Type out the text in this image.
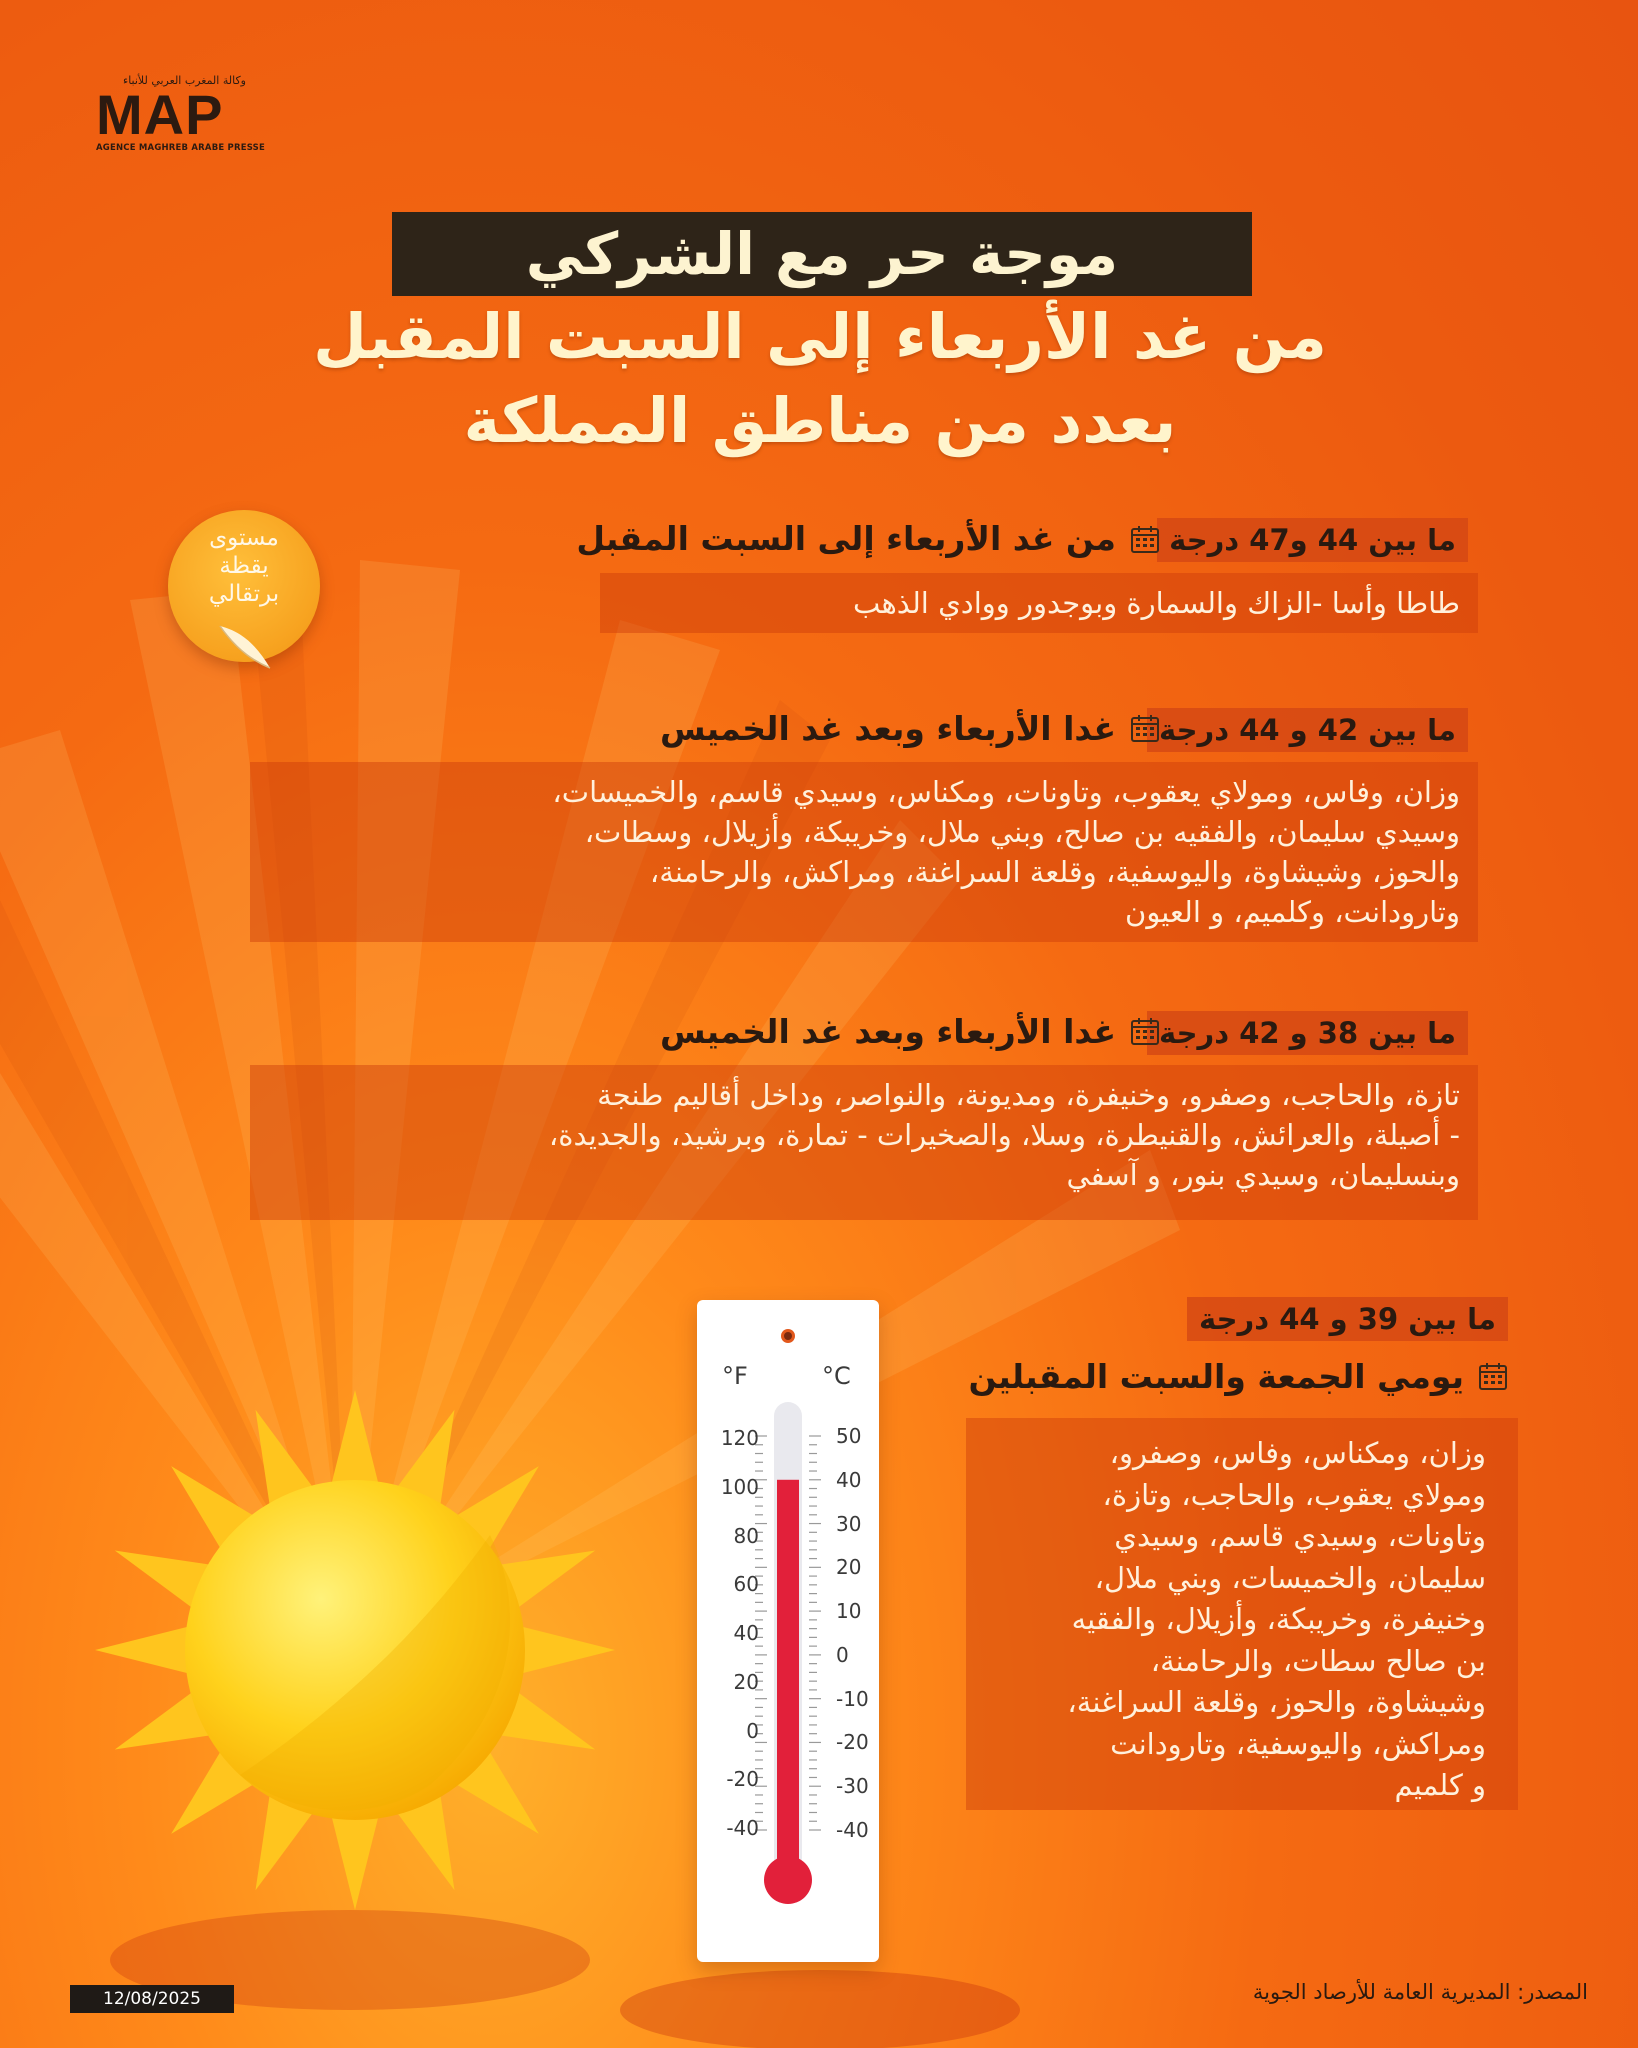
وكالة المغرب العربي للأنباء
MAP
AGENCE MAGHREB ARABE PRESSE
موجة حر مع الشركي
من غد الأربعاء إلى السبت المقبل
بعدد من مناطق المملكة
مستوى
يقظة
برتقالي
ما بين 44 و47 درجة
من غد الأربعاء إلى السبت المقبل
طاطا وأسا -الزاك والسمارة وبوجدور ووادي الذهب
ما بين 42 و 44 درجة
غدا الأربعاء وبعد غد الخميس
وزان، وفاس، ومولاي يعقوب، وتاونات، ومكناس، وسيدي قاسم، والخميسات،
وسيدي سليمان، والفقيه بن صالح، وبني ملال، وخريبكة، وأزيلال، وسطات،
والحوز، وشيشاوة، واليوسفية، وقلعة السراغنة، ومراكش، والرحامنة،
وتارودانت، وكلميم، و العيون
ما بين 38 و 42 درجة
غدا الأربعاء وبعد غد الخميس
تازة، والحاجب، وصفرو، وخنيفرة، ومديونة، والنواصر، وداخل أقاليم طنجة
- أصيلة، والعرائش، والقنيطرة، وسلا، والصخيرات - تمارة، وبرشيد، والجديدة،
وبنسليمان، وسيدي بنور، و آسفي
ما بين 39 و 44 درجة
يومي الجمعة والسبت المقبلين
وزان، ومكناس، وفاس، وصفرو،
ومولاي يعقوب، والحاجب، وتازة،
وتاونات، وسيدي قاسم، وسيدي
سليمان، والخميسات، وبني ملال،
وخنيفرة، وخريبكة، وأزيلال، والفقيه
بن صالح سطات، والرحامنة،
وشيشاوة، والحوز، وقلعة السراغنة،
ومراكش، واليوسفية، وتارودانت
و كلميم
°F	°C
120
100
80
60
40
20
0
-20
-40
50
40
30
20
10
0
-10
-20
-30
-40
12/08/2025	المصدر: المديرية العامة للأرصاد الجوية
